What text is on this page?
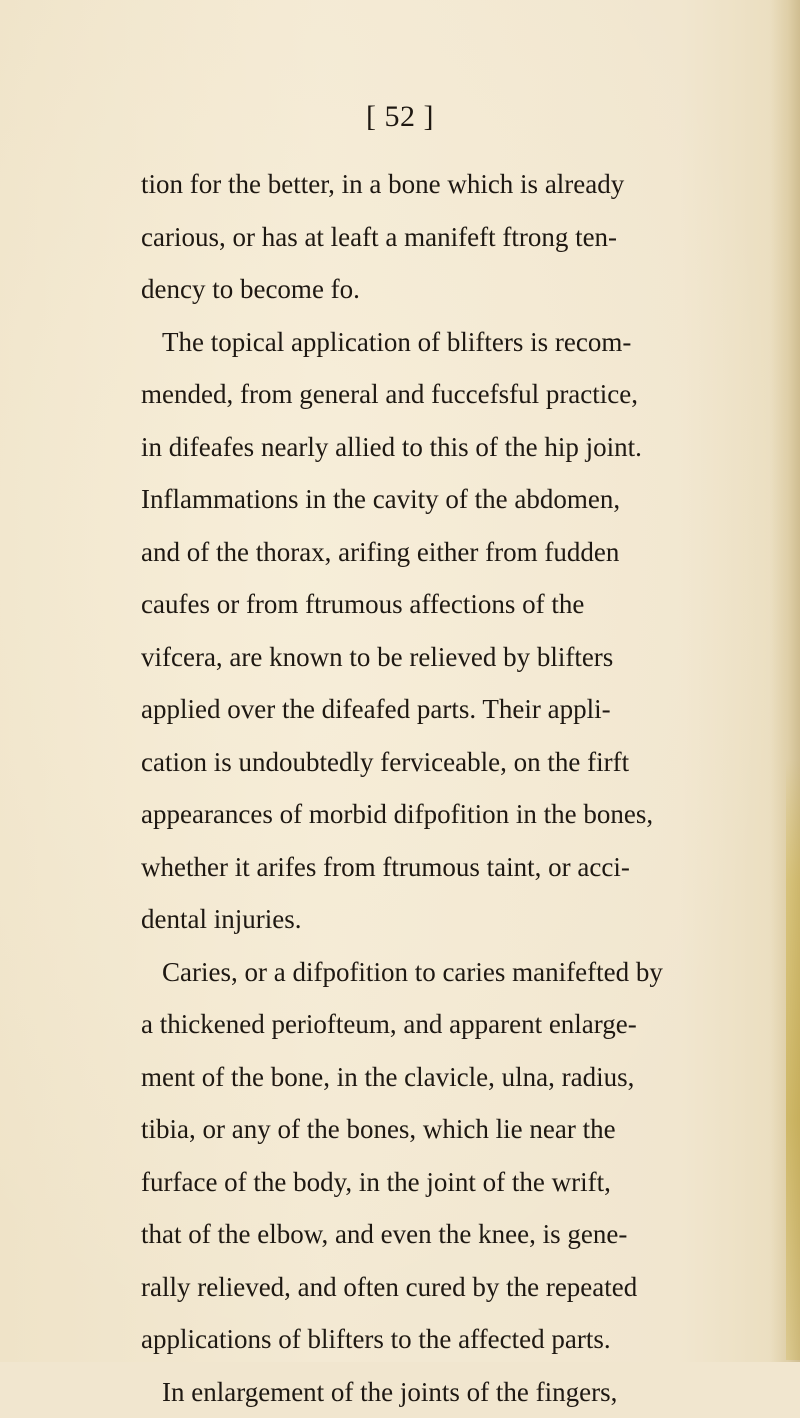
[ 52 ]
tion for the better, in a bone which is already
carious, or has at leaft a manifeft ftrong ten-
dency to become fo.
The topical application of blifters is recom-
mended, from general and fuccefsful practice,
in difeafes nearly allied to this of the hip joint.
Inflammations in the cavity of the abdomen,
and of the thorax, arifing either from fudden
caufes or from ftrumous affections of the
vifcera, are known to be relieved by blifters
applied over the difeafed parts. Their appli-
cation is undoubtedly ferviceable, on the firft
appearances of morbid difpofition in the bones,
whether it arifes from ftrumous taint, or acci-
dental injuries.
Caries, or a difpofition to caries manifefted by
a thickened periofteum, and apparent enlarge-
ment of the bone, in the clavicle, ulna, radius,
tibia, or any of the bones, which lie near the
furface of the body, in the joint of the wrift,
that of the elbow, and even the knee, is gene-
rally relieved, and often cured by the repeated
applications of blifters to the affected parts.
In enlargement of the joints of the fingers,
